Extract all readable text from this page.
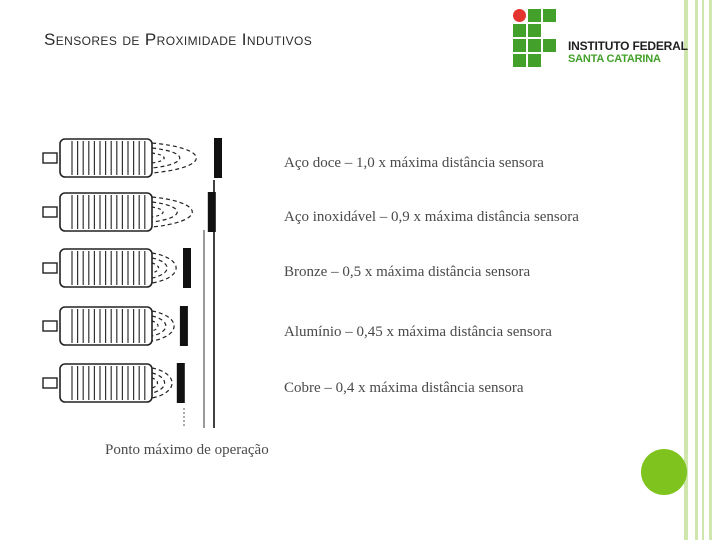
Sensores de Proximidade Indutivos	INSTITUTO FEDERAL
SANTA CATARINA
Aço doce – 1,0 x máxima distância sensora
Aço inoxidável – 0,9 x máxima distância sensora
Bronze – 0,5 x máxima distância sensora
Alumínio – 0,45 x máxima distância sensora
Cobre – 0,4 x máxima distância sensora
Ponto máximo de operação
